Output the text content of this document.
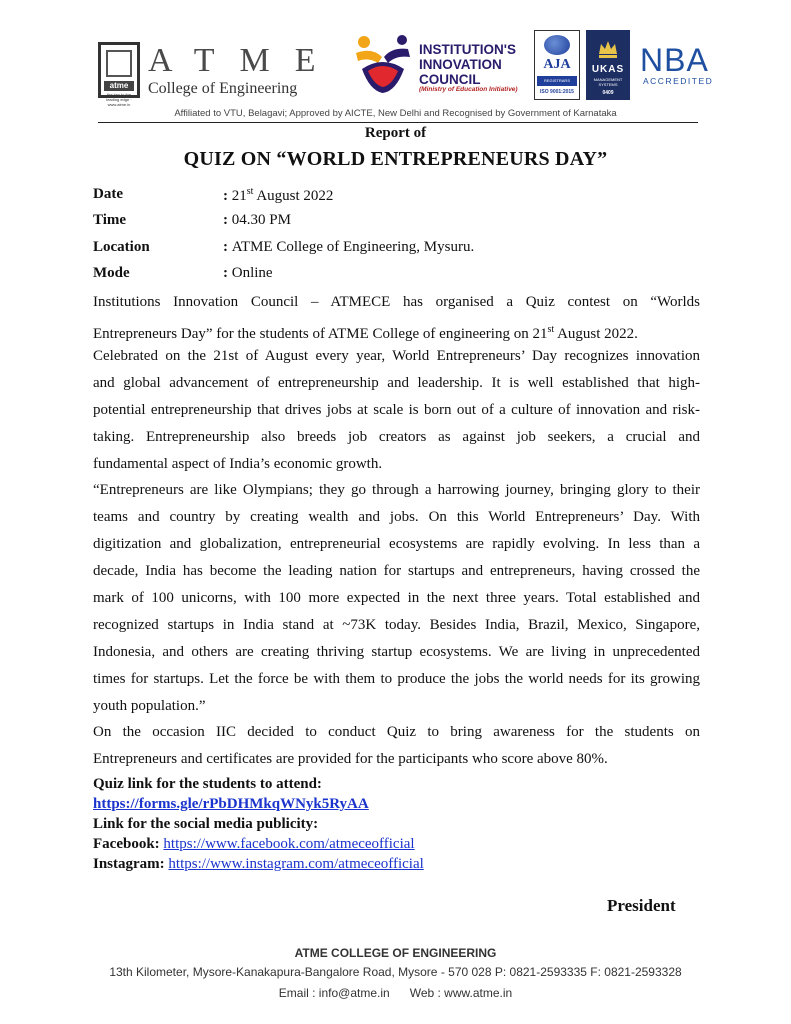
atme
the key to the leading edge · www.atme.in
ATME
College of Engineering
INSTITUTION'S
INNOVATION
COUNCIL
(Ministry of Education Initiative)
AJA
REGISTRARS
ISO 9001:2015
UKAS
MANAGEMENT SYSTEMS
0409
NBA
ACCREDITED
Affiliated to VTU, Belagavi; Approved by AICTE, New Delhi and Recognised by Government of Karnataka
Report of
QUIZ ON “WORLD ENTREPRENEURS DAY”
Date	: 21st August 2022
Time	: 04.30 PM
Location	: ATME College of Engineering, Mysuru.
Mode	: Online
Institutions Innovation Council – ATMECE has organised a Quiz contest on “Worlds
Entrepreneurs Day” for the students of ATME College of engineering on 21st August 2022.
Celebrated on the 21st of August every year, World Entrepreneurs’ Day recognizes innovation
and global advancement of entrepreneurship and leadership. It is well established that high-
potential entrepreneurship that drives jobs at scale is born out of a culture of innovation and risk-
taking. Entrepreneurship also breeds job creators as against job seekers, a crucial and
fundamental aspect of India’s economic growth.
“Entrepreneurs are like Olympians; they go through a harrowing journey, bringing glory to their
teams and country by creating wealth and jobs. On this World Entrepreneurs’ Day. With
digitization and globalization, entrepreneurial ecosystems are rapidly evolving. In less than a
decade, India has become the leading nation for startups and entrepreneurs, having crossed the
mark of 100 unicorns, with 100 more expected in the next three years. Total established and
recognized startups in India stand at ~73K today. Besides India, Brazil, Mexico, Singapore,
Indonesia, and others are creating thriving startup ecosystems. We are living in unprecedented
times for startups. Let the force be with them to produce the jobs the world needs for its growing
youth population.”
On the occasion IIC decided to conduct Quiz to bring awareness for the students on
Entrepreneurs and certificates are provided for the participants who score above 80%.
Quiz link for the students to attend:
https://forms.gle/rPbDHMkqWNyk5RyAA
Link for the social media publicity:
Facebook: https://www.facebook.com/atmeceofficial
Instagram: https://www.instagram.com/atmeceofficial
President
ATME COLLEGE OF ENGINEERING
13th Kilometer, Mysore-Kanakapura-Bangalore Road, Mysore - 570 028 P: 0821-2593335 F: 0821-2593328
Email : info@atme.in Web : www.atme.in
